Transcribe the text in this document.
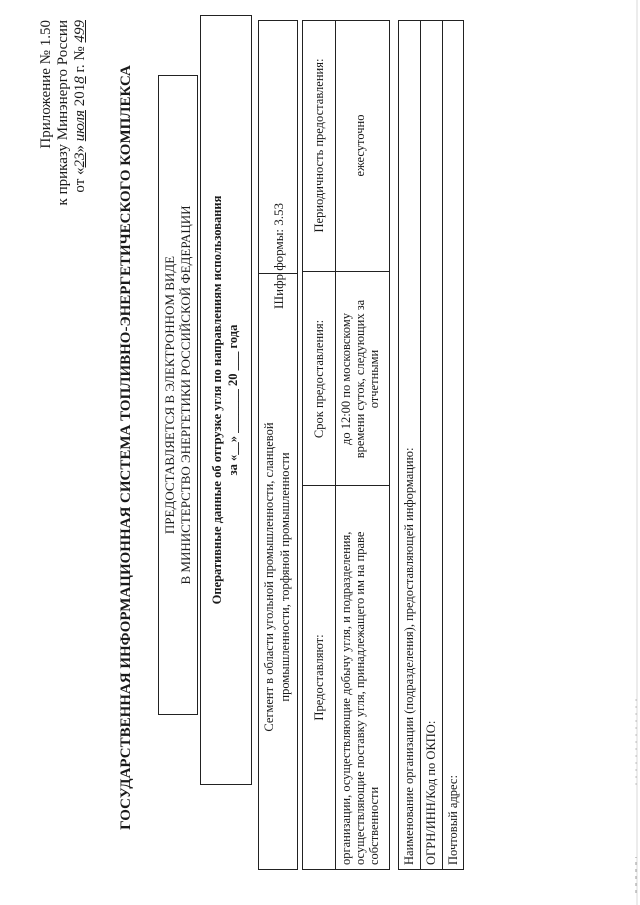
Приложение № 1.50 к приказу Минэнерго России от «23» июля 2018 г. № 499
ГОСУДАРСТВЕННАЯ ИНФОРМАЦИОННАЯ СИСТЕМА ТОПЛИВНО-ЭНЕРГЕТИЧЕСКОГО КОМПЛЕКСА ПРЕДОСТАВЛЯЕТСЯ В ЭЛЕКТРОННОМ ВИДЕ В МИНИСТЕРСТВО ЭНЕРГЕТИКИ РОССИЙСКОЙ ФЕДЕРАЦИИ Оперативные данные об отгрузке угля по направлениям использования за «__» _______ 20 ___ года
Сегмент в области угольной промышленности, сланцевой промышленности, торфяной промышленности
Шифр формы: 3.53
Предоставляют:
Срок предоставления:
Периодичность предоставления:
организации, осуществляющие добычу угля, и подразделения, осуществляющие поставку угля, принадлежащего им на праве собственности
до 12:00 по московскому времени суток, следующих за отчетными
ежесуточно
Наименование организации (подразделения), предоставляющей информацию: ОГРН/ИНН/Код по ОКПО: Почтовый адрес:
